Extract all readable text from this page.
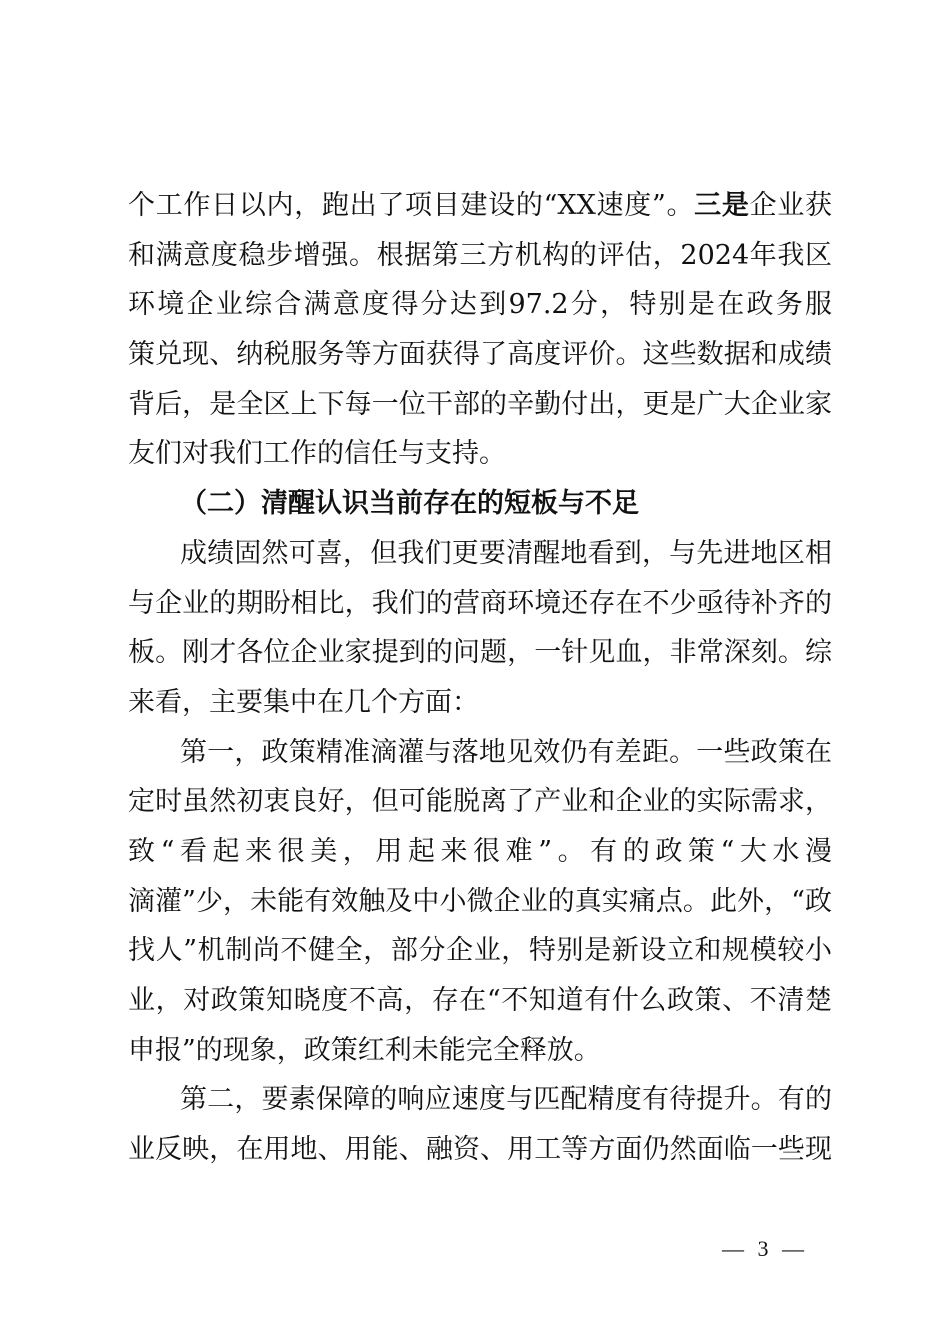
个工作日以内，跑出了项目建设的“XX速度”。三是企业获
和满意度稳步增强。根据第三方机构的评估，2024年我区
环境企业综合满意度得分达到97.2分，特别是在政务服
策兑现、纳税服务等方面获得了高度评价。这些数据和成绩
背后，是全区上下每一位干部的辛勤付出，更是广大企业家
友们对我们工作的信任与支持。
（二）清醒认识当前存在的短板与不足
成绩固然可喜，但我们更要清醒地看到，与先进地区相
与企业的期盼相比，我们的营商环境还存在不少亟待补齐的
板。刚才各位企业家提到的问题，一针见血，非常深刻。综
来看，主要集中在几个方面：
第一，政策精准滴灌与落地见效仍有差距。一些政策在
定时虽然初衷良好，但可能脱离了产业和企业的实际需求，
致“看起来很美，用起来很难”。有的政策“大水漫
滴灌”少，未能有效触及中小微企业的真实痛点。此外，“政
找人”机制尚不健全，部分企业，特别是新设立和规模较小
业，对政策知晓度不高，存在“不知道有什么政策、不清楚
申报”的现象，政策红利未能完全释放。
第二，要素保障的响应速度与匹配精度有待提升。有的
业反映，在用地、用能、融资、用工等方面仍然面临一些现
— 3 —
